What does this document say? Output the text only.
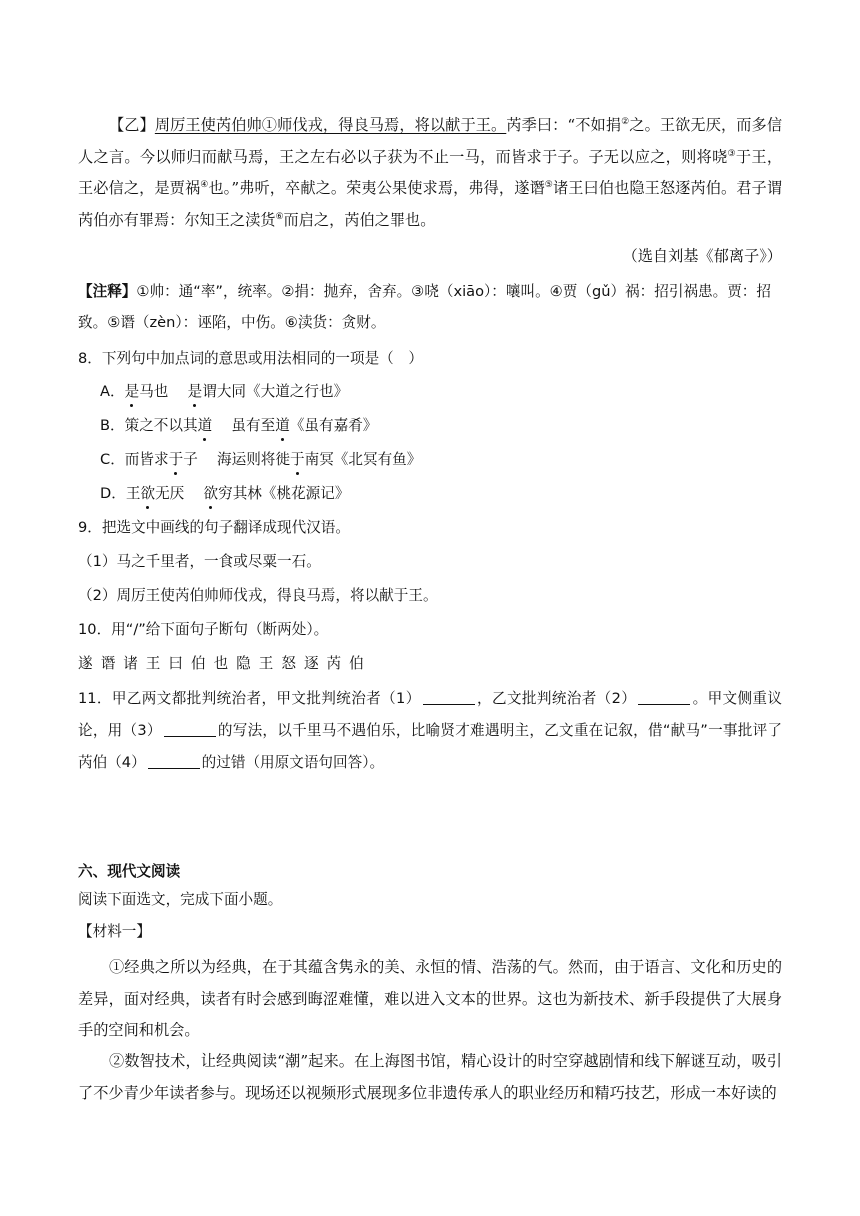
【乙】周厉王使芮伯帅①师伐戎，得良马焉，将以献于王。芮季曰：“不如捐②之。王欲无厌，而多信人之言。今以师归而献马焉，王之左右必以子获为不止一马，而皆求于子。子无以应之，则将哓③于王，王必信之，是贾祸④也。”弗听，卒献之。荣夷公果使求焉，弗得，遂谮⑤诸王曰伯也隐王怒逐芮伯。君子谓芮伯亦有罪焉：尔知王之渎货⑥而启之，芮伯之罪也。

（选自刘基《郁离子》）

【注释】①帅：通“率”，统率。②捐：抛弃，舍弃。③哓（xiāo）：嚷叫。④贾（gǔ）祸：招引祸患。贾：招致。⑤谮（zèn）：诬陷，中伤。⑥渎货：贪财。

8．下列句中加点词的意思或用法相同的一项是（　）
A．是马也　 是谓大同《大道之行也》
B．策之不以其道　 虽有至道《虽有嘉肴》
C．而皆求于子　 海运则将徙于南冥《北冥有鱼》
D．王欲无厌　 欲穷其林《桃花源记》
9．把选文中画线的句子翻译成现代汉语。
（1）马之千里者，一食或尽粟一石。
（2）周厉王使芮伯帅师伐戎，得良马焉，将以献于王。
10．用“/”给下面句子断句（断两处）。
遂谮诸王曰伯也隐王怒逐芮伯

11．甲乙两文都批判统治者，甲文批判统治者（1）	，乙文批判统治者（2）	。甲文侧重议论，用（3）	的写法，以千里马不遇伯乐，比喻贤才难遇明主，乙文重在记叙，借“献马”一事批评了芮伯（4）	的过错（用原文语句回答）。

六、现代文阅读
阅读下面选文，完成下面小题。
【材料一】

①经典之所以为经典，在于其蕴含隽永的美、永恒的情、浩荡的气。然而，由于语言、文化和历史的差异，面对经典，读者有时会感到晦涩难懂，难以进入文本的世界。这也为新技术、新手段提供了大展身手的空间和机会。

②数智技术，让经典阅读“潮”起来。在上海图书馆，精心设计的时空穿越剧情和线下解谜互动，吸引了不少青少年读者参与。现场还以视频形式展现多位非遗传承人的职业经历和精巧技艺，形成一本好读的
